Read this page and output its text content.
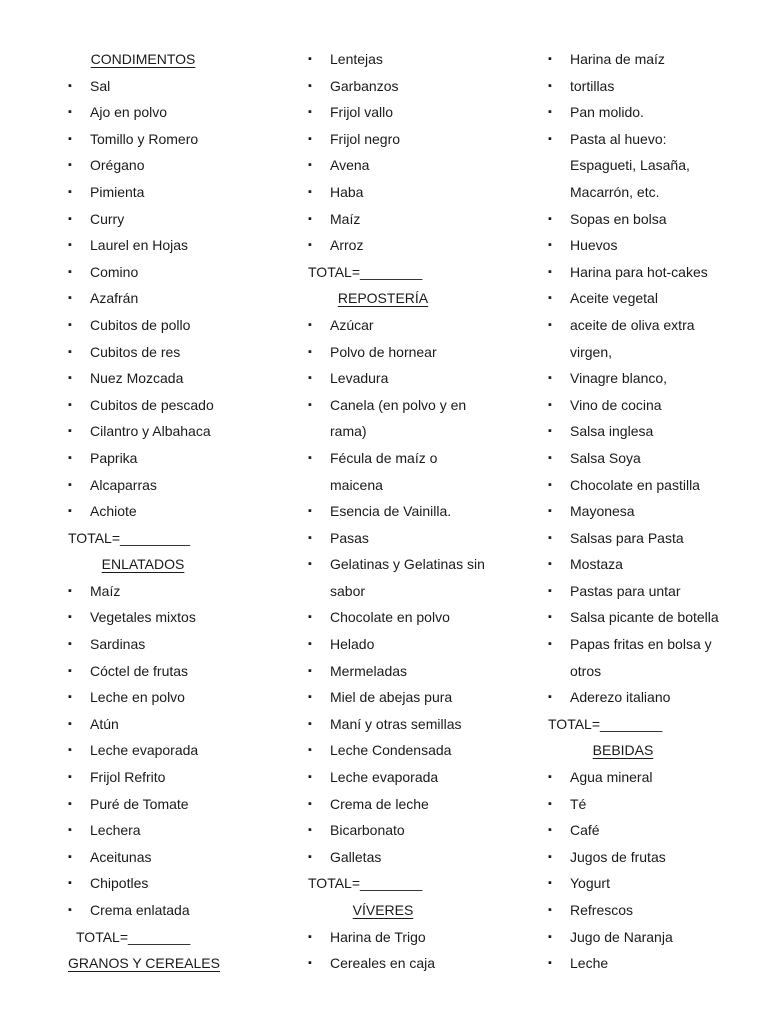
CONDIMENTOS
▪ Sal
▪ Ajo en polvo
▪ Tomillo y Romero
▪ Orégano
▪ Pimienta
▪ Curry
▪ Laurel en Hojas
▪ Comino
▪ Azafrán
▪ Cubitos de pollo
▪ Cubitos de res
▪ Nuez Mozcada
▪ Cubitos de pescado
▪ Cilantro y Albahaca
▪ Paprika
▪ Alcaparras
▪ Achiote
TOTAL=_________
ENLATADOS
▪ Maíz
▪ Vegetales mixtos
▪ Sardinas
▪ Cóctel de frutas
▪ Leche en polvo
▪ Atún
▪ Leche evaporada
▪ Frijol Refrito
▪ Puré de Tomate
▪ Lechera
▪ Aceitunas
▪ Chipotles
▪ Crema enlatada
TOTAL=________
GRANOS Y CEREALES
▪ Lentejas
▪ Garbanzos
▪ Frijol vallo
▪ Frijol negro
▪ Avena
▪ Haba
▪ Maíz
▪ Arroz
TOTAL=________
REPOSTERÍA
▪ Azúcar
▪ Polvo de hornear
▪ Levadura
▪ Canela (en polvo y en
rama)
▪ Fécula de maíz o
maicena
▪ Esencia de Vainilla.
▪ Pasas
▪ Gelatinas y Gelatinas sin
sabor
▪ Chocolate en polvo
▪ Helado
▪ Mermeladas
▪ Miel de abejas pura
▪ Maní y otras semillas
▪ Leche Condensada
▪ Leche evaporada
▪ Crema de leche
▪ Bicarbonato
▪ Galletas
TOTAL=________
VÍVERES
▪ Harina de Trigo
▪ Cereales en caja
▪ Harina de maíz
▪ tortillas
▪ Pan molido.
▪ Pasta al huevo:
Espagueti, Lasaña,
Macarrón, etc.
▪ Sopas en bolsa
▪ Huevos
▪ Harina para hot-cakes
▪ Aceite vegetal
▪ aceite de oliva extra
virgen,
▪ Vinagre blanco,
▪ Vino de cocina
▪ Salsa inglesa
▪ Salsa Soya
▪ Chocolate en pastilla
▪ Mayonesa
▪ Salsas para Pasta
▪ Mostaza
▪ Pastas para untar
▪ Salsa picante de botella
▪ Papas fritas en bolsa y
otros
▪ Aderezo italiano
TOTAL=________
BEBIDAS
▪ Agua mineral
▪ Té
▪ Café
▪ Jugos de frutas
▪ Yogurt
▪ Refrescos
▪ Jugo de Naranja
▪ Leche
